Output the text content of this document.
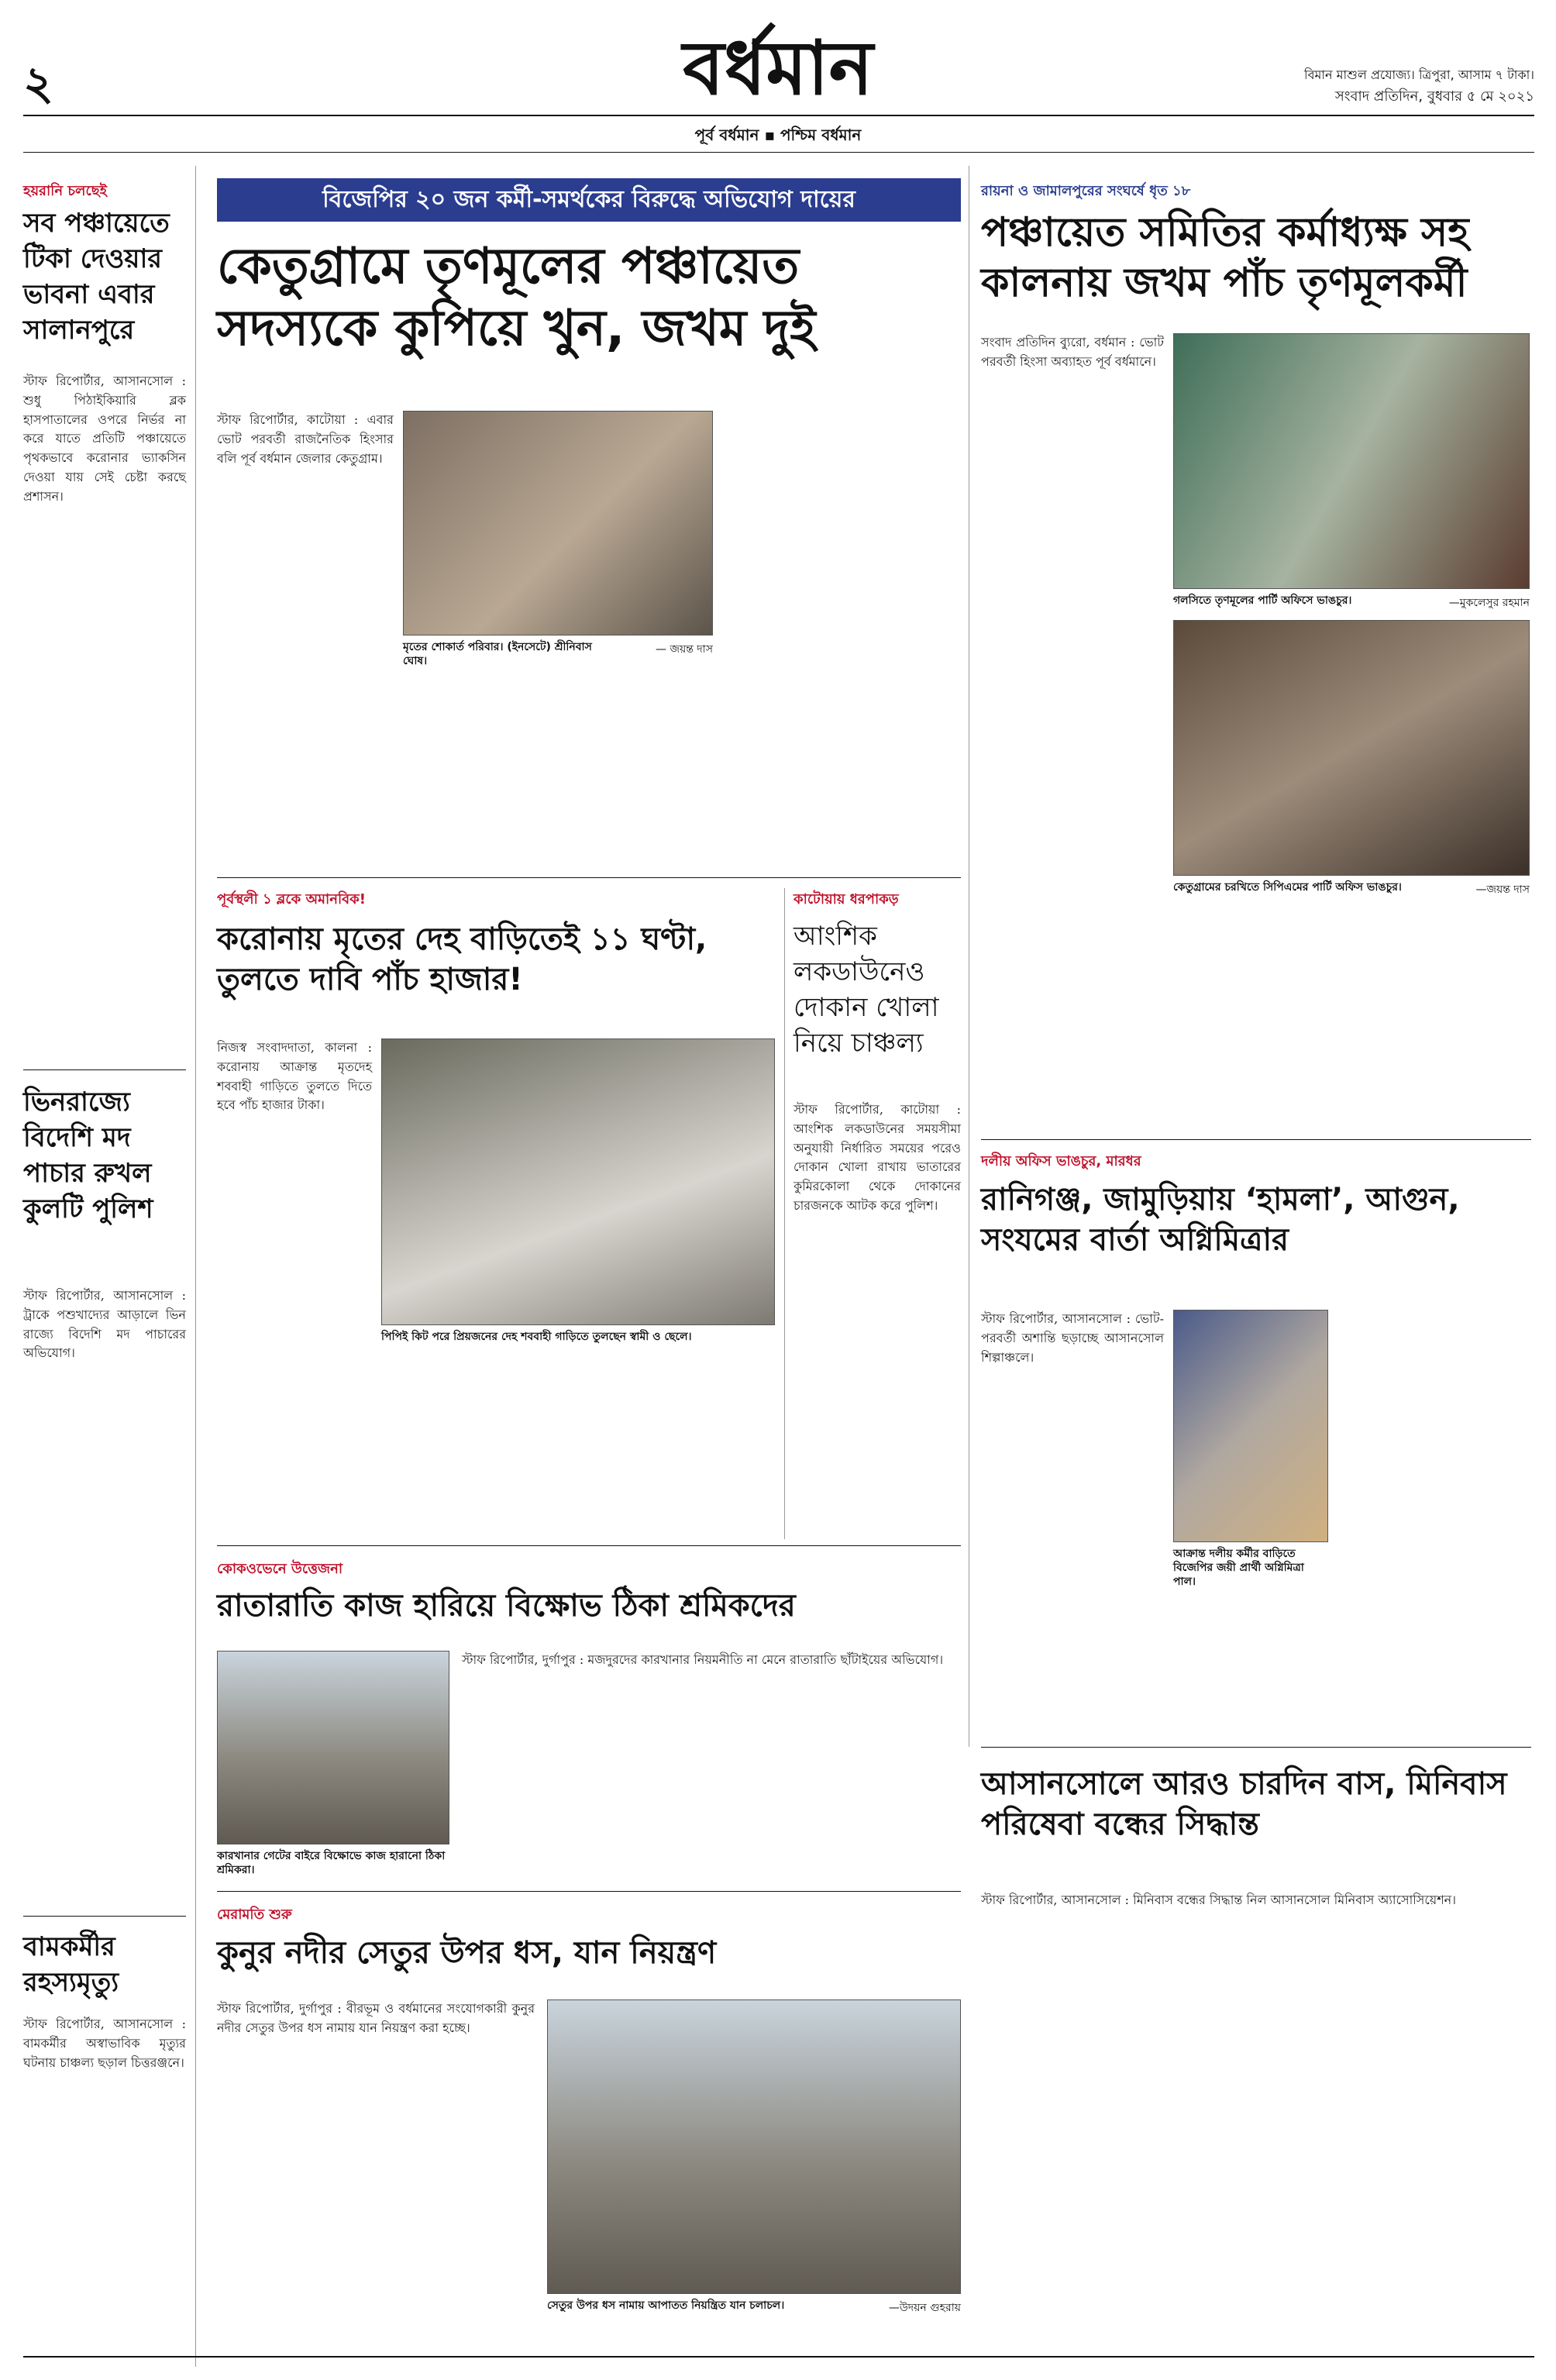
২	বর্ধমান	বিমান মাশুল প্রযোজ্য। ত্রিপুরা, আসাম ৭ টাকা।
সংবাদ প্রতিদিন, বুধবার ৫ মে ২০২১
পূর্ব বর্ধমান ▪ পশ্চিম বর্ধমান
হয়রানি চলছেই
সব পঞ্চায়েতে টিকা দেওয়ার ভাবনা এবার সালানপুরে
স্টাফ রিপোর্টার, আসানসোল : শুধু পিঠাইকিয়ারি ব্লক হাসপাতালের ওপরে নির্ভর না করে যাতে প্রতিটি পঞ্চায়েতে পৃথকভাবে করোনার ভ্যাকসিন দেওয়া যায় সেই চেষ্টা করছে প্রশাসন।
ভিনরাজ্যে বিদেশি মদ পাচার রুখল কুলটি পুলিশ
স্টাফ রিপোর্টার, আসানসোল : ট্রাকে পশুখাদ্যের আড়ালে ভিন রাজ্যে বিদেশি মদ পাচারের অভিযোগ।
বামকর্মীর রহস্যমৃত্যু
স্টাফ রিপোর্টার, আসানসোল : বামকর্মীর অস্বাভাবিক মৃত্যুর ঘটনায় চাঞ্চল্য ছড়াল চিত্তরঞ্জনে।
বিজেপির ২০ জন কর্মী-সমর্থকের বিরুদ্ধে অভিযোগ দায়ের
কেতুগ্রামে তৃণমূলের পঞ্চায়েত সদস্যকে কুপিয়ে খুন, জখম দুই
মৃতের শোকার্ত পরিবার। (ইনসেটে) শ্রীনিবাস ঘোষ।
— জয়ন্ত দাস
স্টাফ রিপোর্টার, কাটোয়া : এবার ভোট পরবর্তী রাজনৈতিক হিংসার বলি পূর্ব বর্ধমান জেলার কেতুগ্রাম।
রায়না ও জামালপুরের সংঘর্ষে ধৃত ১৮
পঞ্চায়েত সমিতির কর্মাধ্যক্ষ সহ কালনায় জখম পাঁচ তৃণমূলকর্মী
সংবাদ প্রতিদিন ব্যুরো, বর্ধমান : ভোট পরবর্তী হিংসা অব্যাহত পূর্ব বর্ধমানে।
গলসিতে তৃণমূলের পার্টি অফিসে ভাঙচুর।	—মুকলেসুর রহমান
কেতুগ্রামের চরখিতে সিপিএমের পার্টি অফিস ভাঙচুর।	—জয়ন্ত দাস
পূর্বস্থলী ১ ব্লকে অমানবিক!
করোনায় মৃতের দেহ বাড়িতেই ১১ ঘণ্টা, তুলতে দাবি পাঁচ হাজার!
নিজস্ব সংবাদদাতা, কালনা : করোনায় আক্রান্ত মৃতদেহ শববাহী গাড়িতে তুলতে দিতে হবে পাঁচ হাজার টাকা।
পিপিই কিট পরে প্রিয়জনের দেহ শববাহী গাড়িতে তুলছেন স্বামী ও ছেলে।
কাটোয়ায় ধরপাকড়
আংশিক লকডাউনেও দোকান খোলা নিয়ে চাঞ্চল্য
স্টাফ রিপোর্টার, কাটোয়া : আংশিক লকডাউনের সময়সীমা অনুযায়ী নির্ধারিত সময়ের পরেও দোকান খোলা রাখায় ভাতারের কুমিরকোলা থেকে দোকানের চারজনকে আটক করে পুলিশ।
দলীয় অফিস ভাঙচুর, মারধর
রানিগঞ্জ, জামুড়িয়ায় ‘হামলা’, আগুন, সংযমের বার্তা অগ্নিমিত্রার
স্টাফ রিপোর্টার, আসানসোল : ভোট-পরবর্তী অশান্তি ছড়াচ্ছে আসানসোল শিল্পাঞ্চলে।
আক্রান্ত দলীয় কর্মীর বাড়িতে বিজেপির জয়ী প্রার্থী অগ্নিমিত্রা পাল।
কোকওভেনে উত্তেজনা
রাতারাতি কাজ হারিয়ে বিক্ষোভ ঠিকা শ্রমিকদের
কারখানার গেটের বাইরে বিক্ষোভে কাজ হারানো ঠিকা শ্রমিকরা।
স্টাফ রিপোর্টার, দুর্গাপুর : মজদুরদের কারখানার নিয়মনীতি না মেনে রাতারাতি ছাঁটাইয়ের অভিযোগ।
মেরামতি শুরু
কুনুর নদীর সেতুর উপর ধস, যান নিয়ন্ত্রণ
স্টাফ রিপোর্টার, দুর্গাপুর : বীরভূম ও বর্ধমানের সংযোগকারী কুনুর নদীর সেতুর উপর ধস নামায় যান নিয়ন্ত্রণ করা হচ্ছে।
সেতুর উপর ধস নামায় আপাতত নিয়ন্ত্রিত যান চলাচল।	—উদয়ন গুহরায়
আসানসোলে আরও চারদিন বাস, মিনিবাস পরিষেবা বন্ধের সিদ্ধান্ত
স্টাফ রিপোর্টার, আসানসোল : মিনিবাস বন্ধের সিদ্ধান্ত নিল আসানসোল মিনিবাস অ্যাসোসিয়েশন।
